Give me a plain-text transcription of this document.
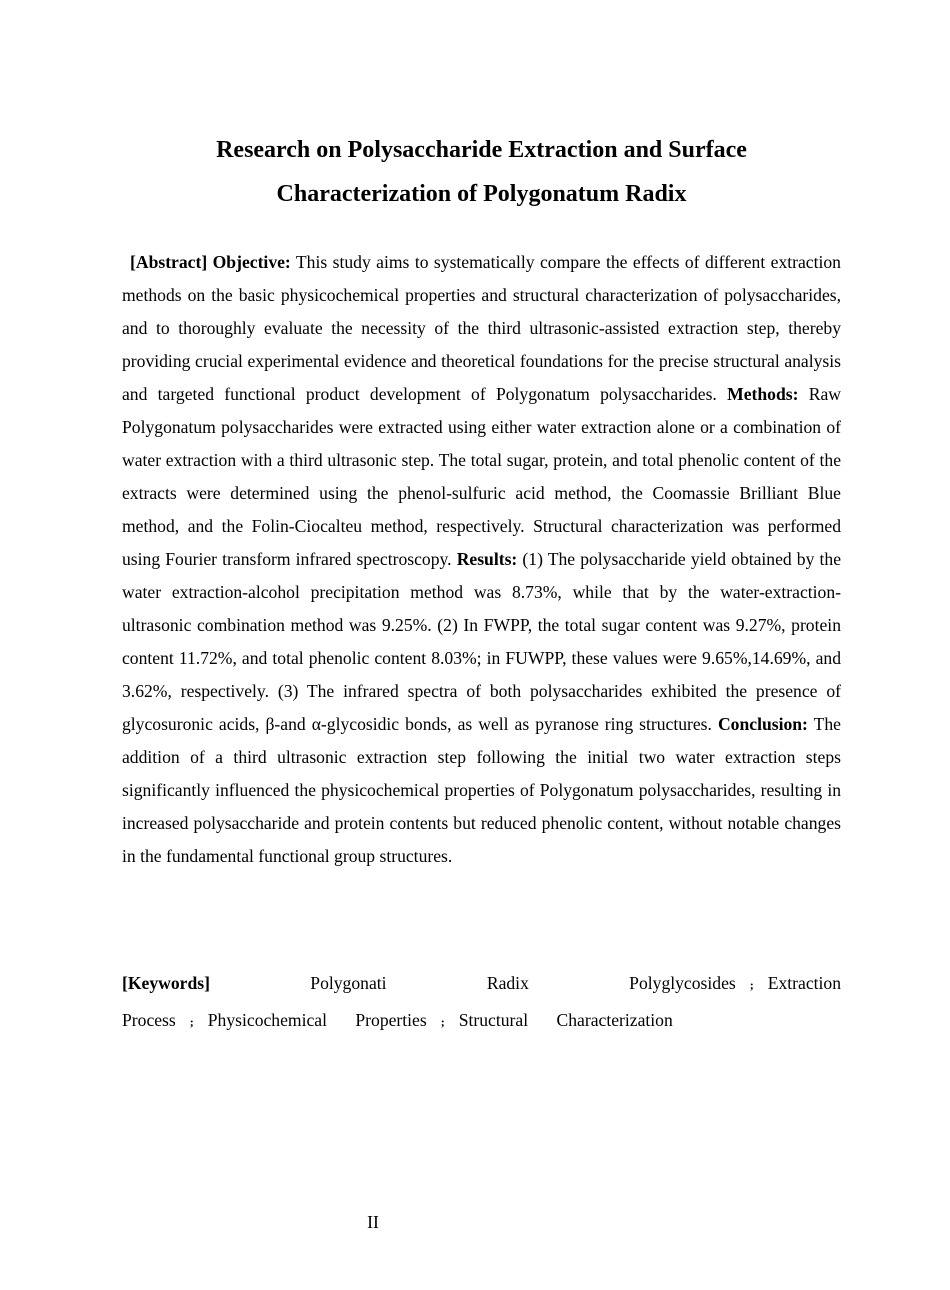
Research on Polysaccharide Extraction and Surface
Characterization of Polygonatum Radix

[Abstract] Objective: This study aims to systematically compare the effects of different extraction methods on the basic physicochemical properties and structural characterization of polysaccharides, and to thoroughly evaluate the necessity of the third ultrasonic-assisted extraction step, thereby providing crucial experimental evidence and theoretical foundations for the precise structural analysis and targeted functional product development of Polygonatum polysaccharides. Methods: Raw Polygonatum polysaccharides were extracted using either water extraction alone or a combination of water extraction with a third ultrasonic step. The total sugar, protein, and total phenolic content of the extracts were determined using the phenol-sulfuric acid method, the Coomassie Brilliant Blue method, and the Folin-Ciocalteu method, respectively. Structural characterization was performed using Fourier transform infrared spectroscopy. Results: (1) The polysaccharide yield obtained by the water extraction-alcohol precipitation method was 8.73%, while that by the water-extraction-ultrasonic combination method was 9.25%. (2) In FWPP, the total sugar content was 9.27%, protein content 11.72%, and total phenolic content 8.03%; in FUWPP, these values were 9.65%,14.69%, and 3.62%, respectively. (3) The infrared spectra of both polysaccharides exhibited the presence of glycosuronic acids, β-and α-glycosidic bonds, as well as pyranose ring structures. Conclusion: The addition of a third ultrasonic extraction step following the initial two water extraction steps significantly influenced the physicochemical properties of Polygonatum polysaccharides, resulting in increased polysaccharide and protein contents but reduced phenolic content, without notable changes in the fundamental functional group structures.

[Keywords]	Polygonati Radix Polyglycosides ; Extraction Process ; Physicochemical Properties ; Structural Characterization

II
